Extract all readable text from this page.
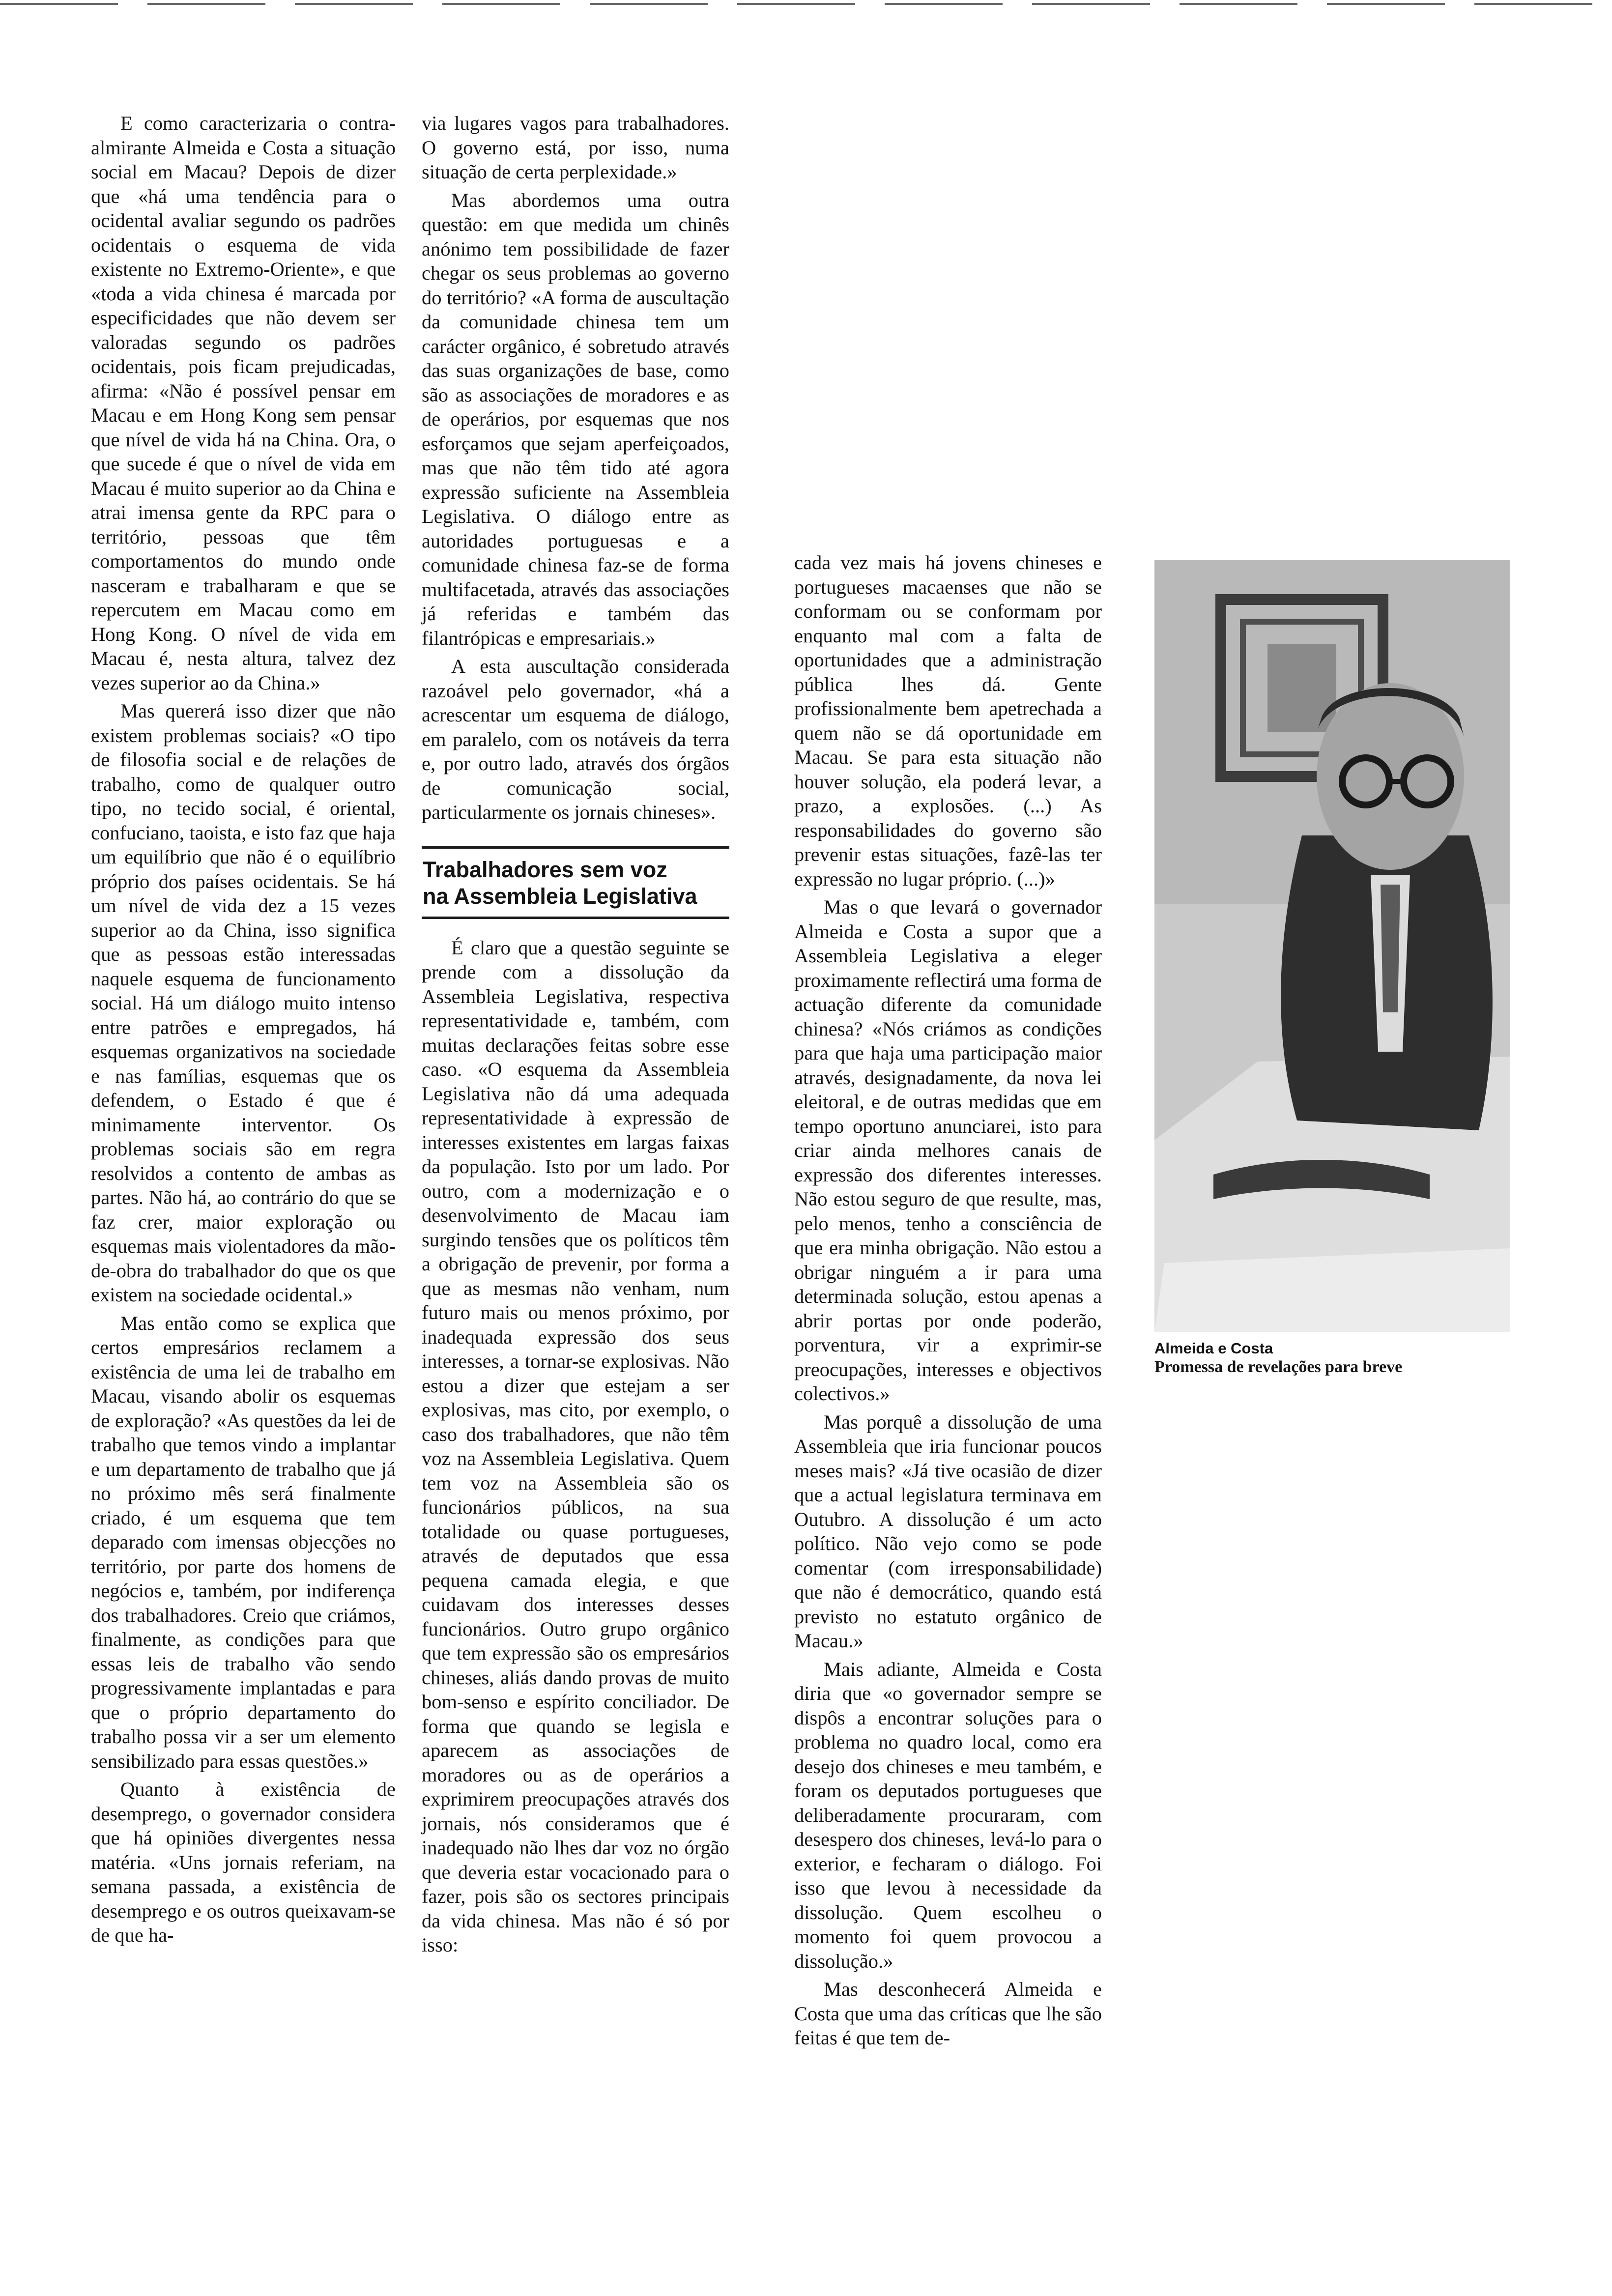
E como caracterizaria o contra-almirante Almeida e Costa a situação social em Macau? Depois de dizer que «há uma tendência para o ocidental avaliar segundo os padrões ocidentais o esquema de vida existente no Extremo-Oriente», e que «toda a vida chinesa é marcada por especificidades que não devem ser valoradas segundo os padrões ocidentais, pois ficam prejudicadas, afirma: «Não é possível pensar em Macau e em Hong Kong sem pensar que nível de vida há na China. Ora, o que sucede é que o nível de vida em Macau é muito superior ao da China e atrai imensa gente da RPC para o território, pessoas que têm comportamentos do mundo onde nasceram e trabalharam e que se repercutem em Macau como em Hong Kong. O nível de vida em Macau é, nesta altura, talvez dez vezes superior ao da China.»

Mas quererá isso dizer que não existem problemas sociais? «O tipo de filosofia social e de relações de trabalho, como de qualquer outro tipo, no tecido social, é oriental, confuciano, taoista, e isto faz que haja um equilíbrio que não é o equilíbrio próprio dos países ocidentais. Se há um nível de vida dez a 15 vezes superior ao da China, isso significa que as pessoas estão interessadas naquele esquema de funcionamento social. Há um diálogo muito intenso entre patrões e empregados, há esquemas organizativos na sociedade e nas famílias, esquemas que os defendem, o Estado é que é minimamente interventor. Os problemas sociais são em regra resolvidos a contento de ambas as partes. Não há, ao contrário do que se faz crer, maior exploração ou esquemas mais violentadores da mão-de-obra do trabalhador do que os que existem na sociedade ocidental.»

Mas então como se explica que certos empresários reclamem a existência de uma lei de trabalho em Macau, visando abolir os esquemas de exploração? «As questões da lei de trabalho que temos vindo a implantar e um departamento de trabalho que já no próximo mês será finalmente criado, é um esquema que tem deparado com imensas objecções no território, por parte dos homens de negócios e, também, por indiferença dos trabalhadores. Creio que criámos, finalmente, as condições para que essas leis de trabalho vão sendo progressivamente implantadas e para que o próprio departamento do trabalho possa vir a ser um elemento sensibilizado para essas questões.»

Quanto à existência de desemprego, o governador considera que há opiniões divergentes nessa matéria. «Uns jornais referiam, na semana passada, a existência de desemprego e os outros queixavam-se de que ha-

via lugares vagos para trabalhadores. O governo está, por isso, numa situação de certa perplexidade.»

Mas abordemos uma outra questão: em que medida um chinês anónimo tem possibilidade de fazer chegar os seus problemas ao governo do território? «A forma de auscultação da comunidade chinesa tem um carácter orgânico, é sobretudo através das suas organizações de base, como são as associações de moradores e as de operários, por esquemas que nos esforçamos que sejam aperfeiçoados, mas que não têm tido até agora expressão suficiente na Assembleia Legislativa. O diálogo entre as autoridades portuguesas e a comunidade chinesa faz-se de forma multifacetada, através das associações já referidas e também das filantrópicas e empresariais.»

A esta auscultação considerada razoável pelo governador, «há a acrescentar um esquema de diálogo, em paralelo, com os notáveis da terra e, por outro lado, através dos órgãos de comunicação social, particularmente os jornais chineses».

Trabalhadores sem voz
na Assembleia Legislativa

É claro que a questão seguinte se prende com a dissolução da Assembleia Legislativa, respectiva representatividade e, também, com muitas declarações feitas sobre esse caso. «O esquema da Assembleia Legislativa não dá uma adequada representatividade à expressão de interesses existentes em largas faixas da população. Isto por um lado. Por outro, com a modernização e o desenvolvimento de Macau iam surgindo tensões que os políticos têm a obrigação de prevenir, por forma a que as mesmas não venham, num futuro mais ou menos próximo, por inadequada expressão dos seus interesses, a tornar-se explosivas. Não estou a dizer que estejam a ser explosivas, mas cito, por exemplo, o caso dos trabalhadores, que não têm voz na Assembleia Legislativa. Quem tem voz na Assembleia são os funcionários públicos, na sua totalidade ou quase portugueses, através de deputados que essa pequena camada elegia, e que cuidavam dos interesses desses funcionários. Outro grupo orgânico que tem expressão são os empresários chineses, aliás dando provas de muito bom-senso e espírito conciliador. De forma que quando se legisla e aparecem as associações de moradores ou as de operários a exprimirem preocupações através dos jornais, nós consideramos que é inadequado não lhes dar voz no órgão que deveria estar vocacionado para o fazer, pois são os sectores principais da vida chinesa. Mas não é só por isso:

cada vez mais há jovens chineses e portugueses macaenses que não se conformam ou se conformam por enquanto mal com a falta de oportunidades que a administração pública lhes dá. Gente profissionalmente bem apetrechada a quem não se dá oportunidade em Macau. Se para esta situação não houver solução, ela poderá levar, a prazo, a explosões. (...) As responsabilidades do governo são prevenir estas situações, fazê-las ter expressão no lugar próprio. (...)»

Mas o que levará o governador Almeida e Costa a supor que a Assembleia Legislativa a eleger proximamente reflectirá uma forma de actuação diferente da comunidade chinesa? «Nós criámos as condições para que haja uma participação maior através, designadamente, da nova lei eleitoral, e de outras medidas que em tempo oportuno anunciarei, isto para criar ainda melhores canais de expressão dos diferentes interesses. Não estou seguro de que resulte, mas, pelo menos, tenho a consciência de que era minha obrigação. Não estou a obrigar ninguém a ir para uma determinada solução, estou apenas a abrir portas por onde poderão, porventura, vir a exprimir-se preocupações, interesses e objectivos colectivos.»

Mas porquê a dissolução de uma Assembleia que iria funcionar poucos meses mais? «Já tive ocasião de dizer que a actual legislatura terminava em Outubro. A dissolução é um acto político. Não vejo como se pode comentar (com irresponsabilidade) que não é democrático, quando está previsto no estatuto orgânico de Macau.»

Mais adiante, Almeida e Costa diria que «o governador sempre se dispôs a encontrar soluções para o problema no quadro local, como era desejo dos chineses e meu também, e foram os deputados portugueses que deliberadamente procuraram, com desespero dos chineses, levá-lo para o exterior, e fecharam o diálogo. Foi isso que levou à necessidade da dissolução. Quem escolheu o momento foi quem provocou a dissolução.»

Mas desconhecerá Almeida e Costa que uma das críticas que lhe são feitas é que tem de-

Almeida e Costa
Promessa de revelações para breve
